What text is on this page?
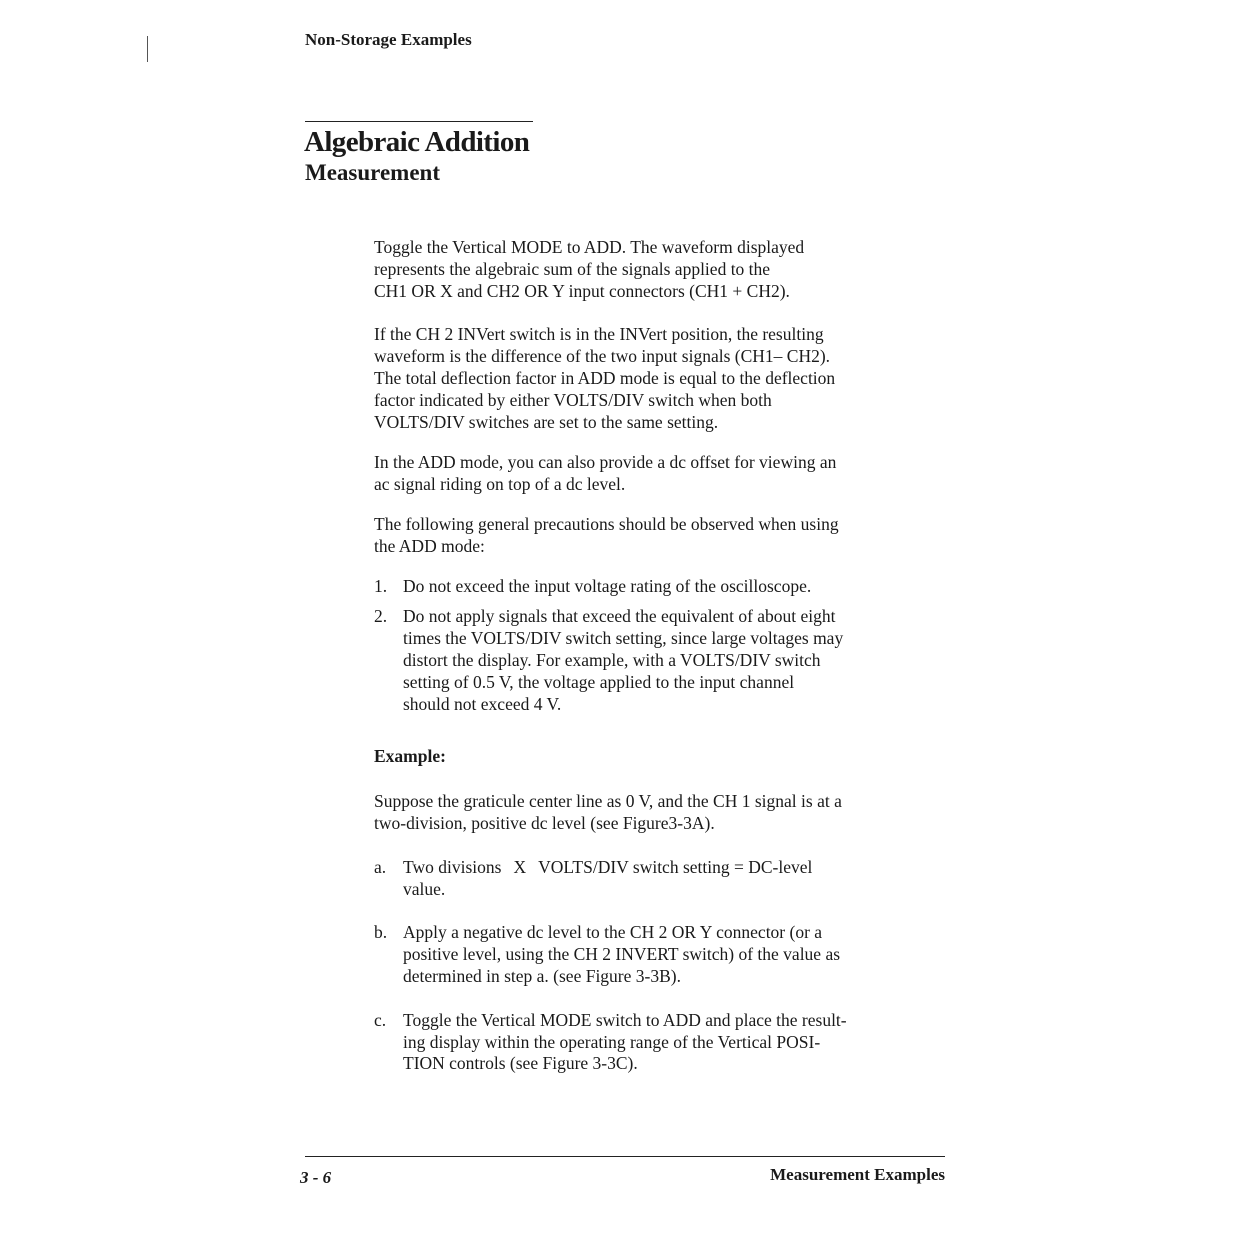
Non-Storage Examples
Algebraic Addition
Measurement

Toggle the Vertical MODE to ADD. The waveform displayed
represents the algebraic sum of the signals applied to the
CH1 OR X and CH2 OR Y input connectors (CH1 + CH2).

If the CH 2 INVert switch is in the INVert position, the resulting
waveform is the difference of the two input signals (CH1– CH2).
The total deflection factor in ADD mode is equal to the deflection
factor indicated by either VOLTS/DIV switch when both
VOLTS/DIV switches are set to the same setting.

In the ADD mode, you can also provide a dc offset for viewing an
ac signal riding on top of a dc level.

The following general precautions should be observed when using
the ADD mode:

1. Do not exceed the input voltage rating of the oscilloscope.
2. Do not apply signals that exceed the equivalent of about eight
times the VOLTS/DIV switch setting, since large voltages may
distort the display. For example, with a VOLTS/DIV switch
setting of 0.5 V, the voltage applied to the input channel
should not exceed 4 V.

Example:

Suppose the graticule center line as 0 V, and the CH 1 signal is at a
two-division, positive dc level (see Figure3-3A).

a. Two divisions X VOLTS/DIV switch setting = DC-level
value.
b. Apply a negative dc level to the CH 2 OR Y connector (or a
positive level, using the CH 2 INVERT switch) of the value as
determined in step a. (see Figure 3-3B).
c. Toggle the Vertical MODE switch to ADD and place the result-
ing display within the operating range of the Vertical POSI-
TION controls (see Figure 3-3C).
3 - 6	Measurement Examples
